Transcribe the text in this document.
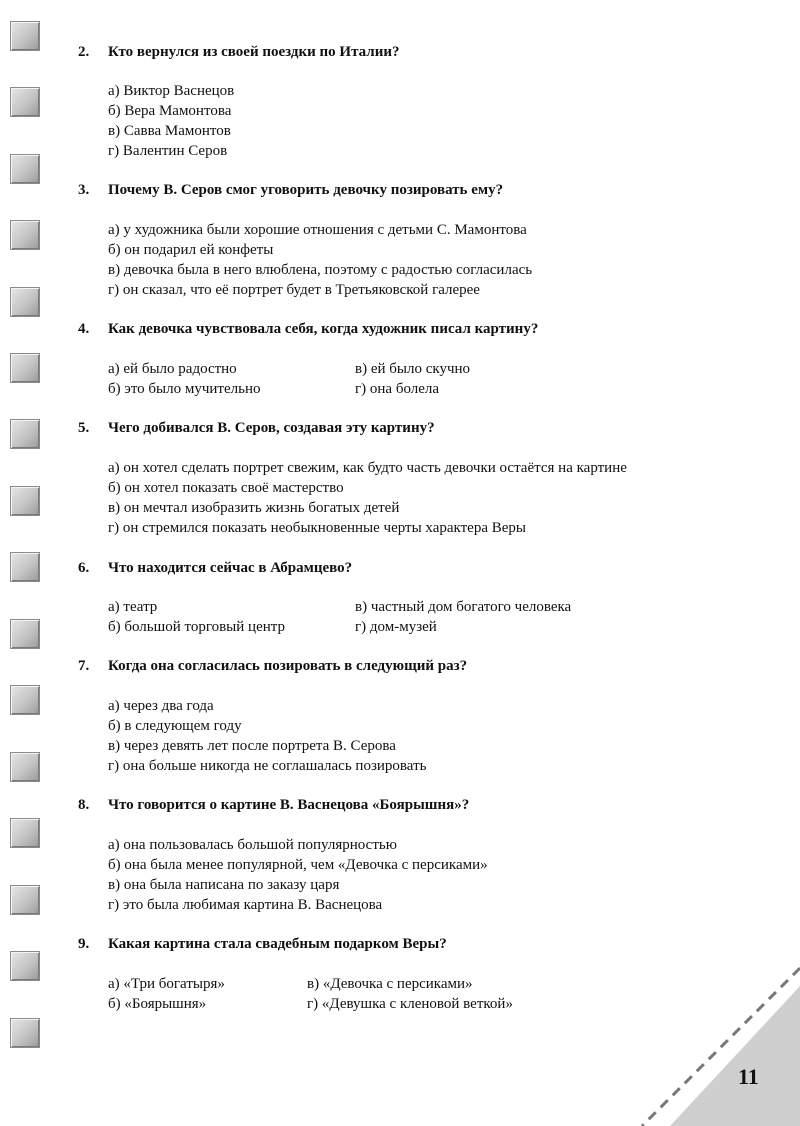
2. Кто вернулся из своей поездки по Италии?
а) Виктор Васнецов
б) Вера Мамонтова
в) Савва Мамонтов
г) Валентин Серов
3. Почему В. Серов смог уговорить девочку позировать ему?
а) у художника были хорошие отношения с детьми С. Мамонтова
б) он подарил ей конфеты
в) девочка была в него влюблена, поэтому с радостью согласилась
г) он сказал, что её портрет будет в Третьяковской галерее
4. Как девочка чувствовала себя, когда художник писал картину?
а) ей было радостно	в) ей было скучно
б) это было мучительно	г) она болела
5. Чего добивался В. Серов, создавая эту картину?
а) он хотел сделать портрет свежим, как будто часть девочки остаётся на картине
б) он хотел показать своё мастерство
в) он мечтал изобразить жизнь богатых детей
г) он стремился показать необыкновенные черты характера Веры
6. Что находится сейчас в Абрамцево?
а) театр	в) частный дом богатого человека
б) большой торговый центр	г) дом-музей
7. Когда она согласилась позировать в следующий раз?
а) через два года
б) в следующем году
в) через девять лет после портрета В. Серова
г) она больше никогда не соглашалась позировать
8. Что говорится о картине В. Васнецова «Боярышня»?
а) она пользовалась большой популярностью
б) она была менее популярной, чем «Девочка с персиками»
в) она была написана по заказу царя
г) это была любимая картина В. Васнецова
9. Какая картина стала свадебным подарком Веры?
а) «Три богатыря»	в) «Девочка с персиками»
б) «Боярышня»	г) «Девушка с кленовой веткой»
11
